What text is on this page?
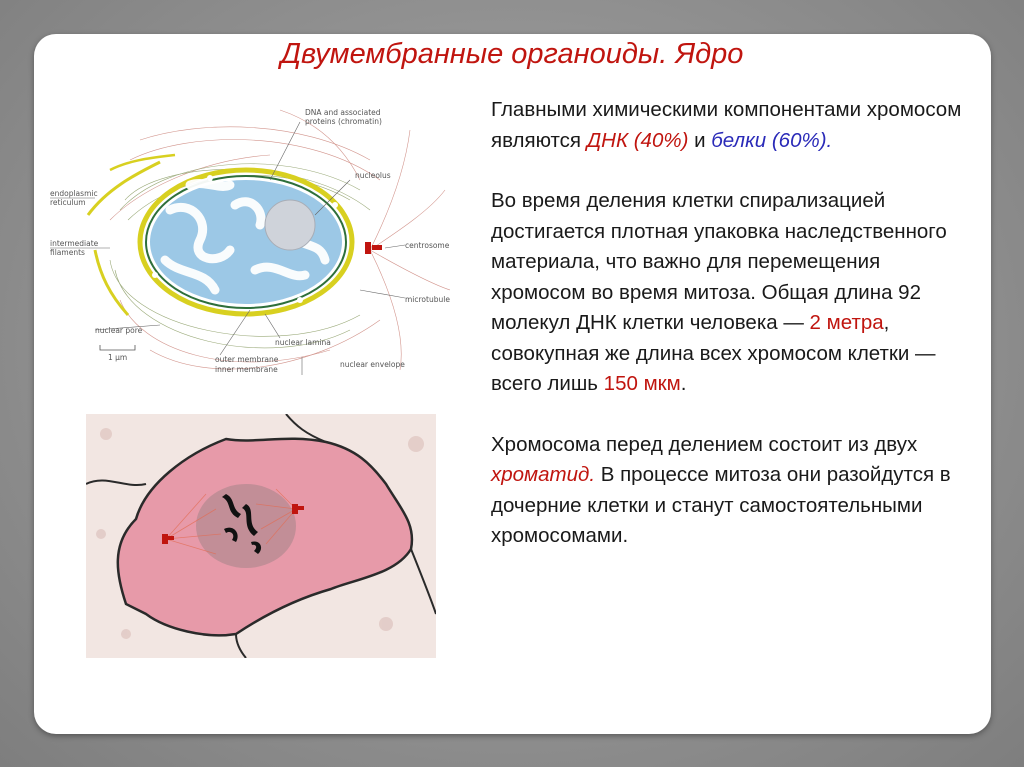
Двумембранные органоиды. Ядро
DNA and associated
proteins (chromatin)
nucleolus
endoplasmic
reticulum
intermediate
filaments
centrosome
microtubule
nuclear pore
nuclear lamina
outer membrane
inner membrane
nuclear envelope
1 μm

Главными химическими компонентами хромосом являются ДНК (40%) и белки (60%).

Во время деления клетки спирализацией достигается плотная упаковка наследственного материала, что важно для перемещения хромосом во время митоза. Общая длина 92 молекул ДНК клетки человека — 2 метра, совокупная же длина всех хромосом клетки — всего лишь 150 мкм.

Хромосома перед делением состоит из двух хроматид. В процессе митоза они разойдутся в дочерние клетки и станут самостоятельными хромосомами.
